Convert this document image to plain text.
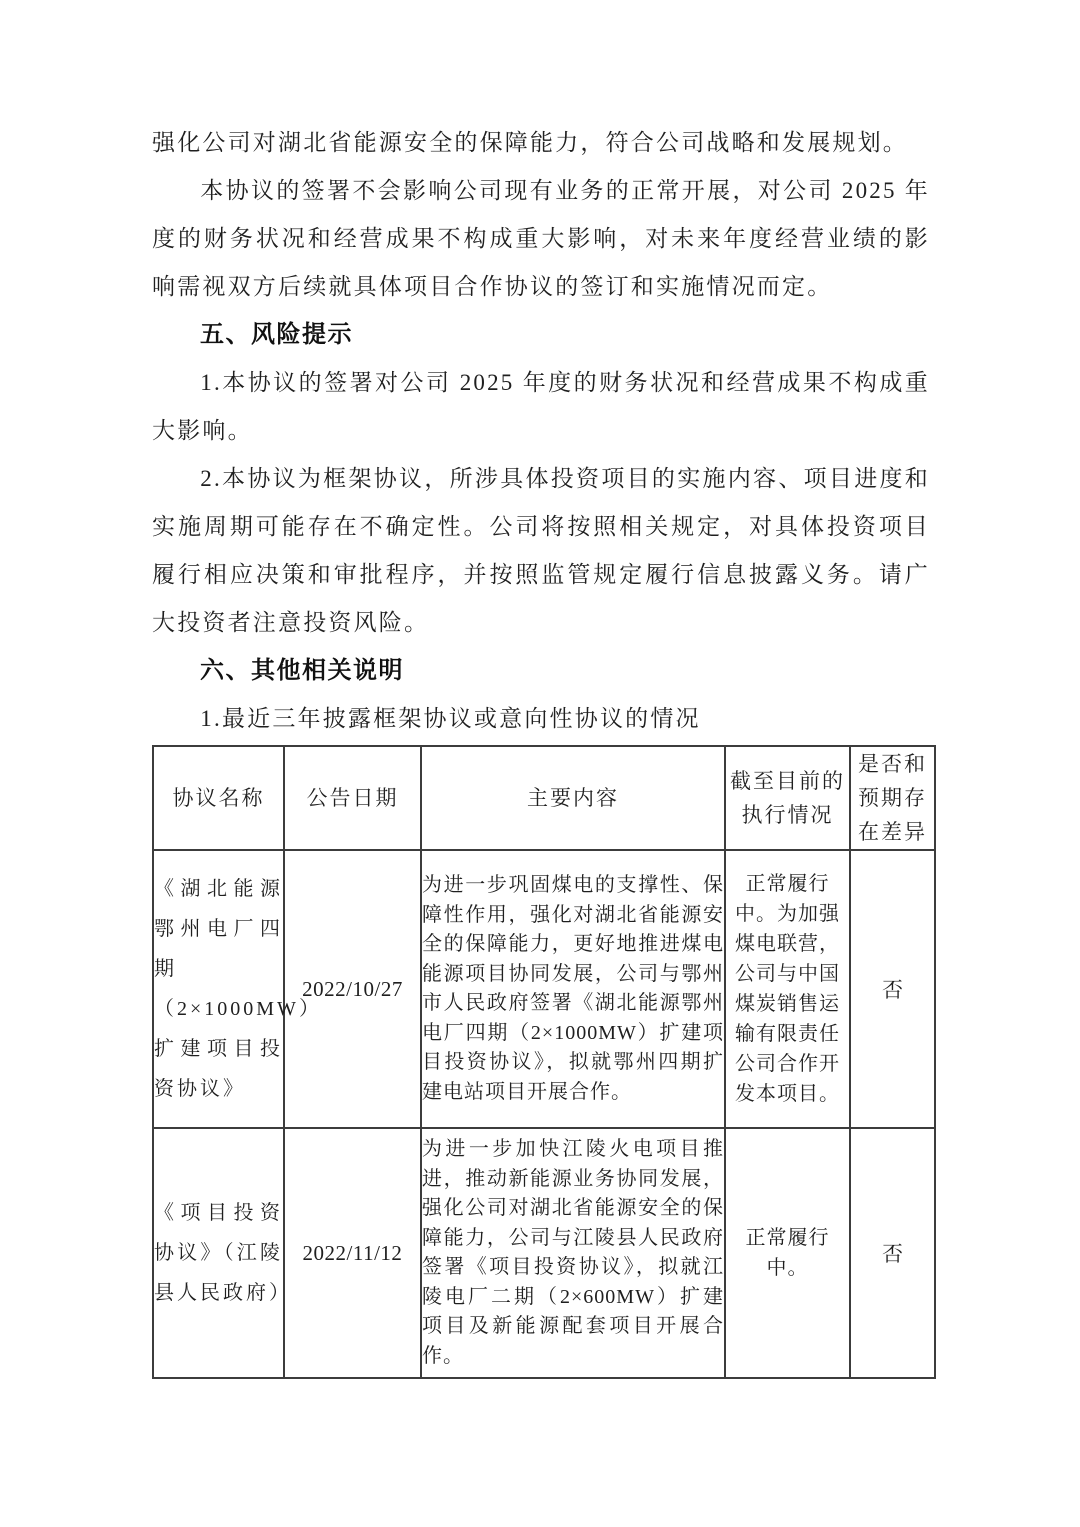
强化公司对湖北省能源安全的保障能力，符合公司战略和发展规划。

本协议的签署不会影响公司现有业务的正常开展，对公司 2025 年度的财务状况和经营成果不构成重大影响，对未来年度经营业绩的影响需视双方后续就具体项目合作协议的签订和实施情况而定。

五、风险提示

1.本协议的签署对公司 2025 年度的财务状况和经营成果不构成重大影响。

2.本协议为框架协议，所涉具体投资项目的实施内容、项目进度和实施周期可能存在不确定性。公司将按照相关规定，对具体投资项目履行相应决策和审批程序，并按照监管规定履行信息披露义务。请广大投资者注意投资风险。

六、其他相关说明

1.最近三年披露框架协议或意向性协议的情况

协议名称	公告日期	主要内容	截至目前的执行情况	是否和预期存在差异
《湖北能源鄂州电厂四期（2×1000MW）扩建项目投资协议》	2022/10/27	为进一步巩固煤电的支撑性、保障性作用，强化对湖北省能源安全的保障能力，更好地推进煤电能源项目协同发展，公司与鄂州市人民政府签署《湖北能源鄂州电厂四期（2×1000MW）扩建项目投资协议》，拟就鄂州四期扩建电站项目开展合作。	正常履行中。为加强煤电联营，公司与中国煤炭销售运输有限责任公司合作开发本项目。	否
《项目投资协议》（江陵县人民政府）	2022/11/12	为进一步加快江陵火电项目推进，推动新能源业务协同发展，强化公司对湖北省能源安全的保障能力，公司与江陵县人民政府签署《项目投资协议》，拟就江陵电厂二期（2×600MW）扩建项目及新能源配套项目开展合作。	正常履行中。	否
